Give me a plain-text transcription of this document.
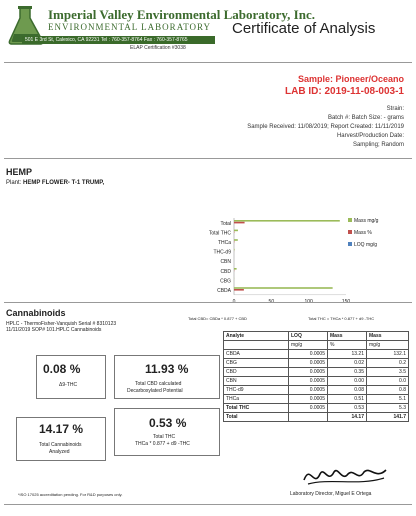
Imperial Valley Environmental Laboratory, Inc.
ENVIRONMENTAL LABORATORY
501 E 3rd St, Calexico, CA 92231 Tel : 760-357-8764 Fax : 760-357-8765
ELAP Certification #3038
Certificate of Analysis
Sample: Pioneer/Oceano
LAB ID: 2019-11-08-003-1
Strain:
Batch #: Batch Size: - grams
Sample Received: 11/08/2019; Report Created: 11/11/2019
Harvest/Production Date:
Sampling; Random
HEMP
Plant: HEMP FLOWER- T-1 TRUMP,
Total
Total THC
THCa
THC-d9
CBN
CBD
CBG
CBDA
Mass mg/g
Mass %
LOQ mg/g
Cannabinoids
HPLC - ThermoFisher-Vanquish Serial # 8310123
11/11/2019 SOP# 101.HPLC Cannabinoids
Total CBD= CBDa * 0.877 + CBD	Total THC = THCa * 0.877 + d9 -THC
0.08 %
Δ9-THC
11.93 %
Total CBD calculated
Decarboxylated Potential
14.17 %
Total Cannabinoids
Analyzed
0.53 %
Total THC
THCa * 0.877 + d9 -THC
Analyte	LOQ	Mass	Mass
	mg/g	%	mg/g
CBDA	0.0005	13.21	132.1
CBG	0.0005	0.02	0.2
CBD	0.0005	0.35	3.5
CBN	0.0005	0.00	0.0
THC-d9	0.0005	0.08	0.8
THCa	0.0005	0.51	5.1
Total THC	0.0005	0.53	5.3
Total		14.17	141.7
*ISO 17025 accreditation pending. For R&D purposes only.	Laboratory Director, Miguel E Ortega
